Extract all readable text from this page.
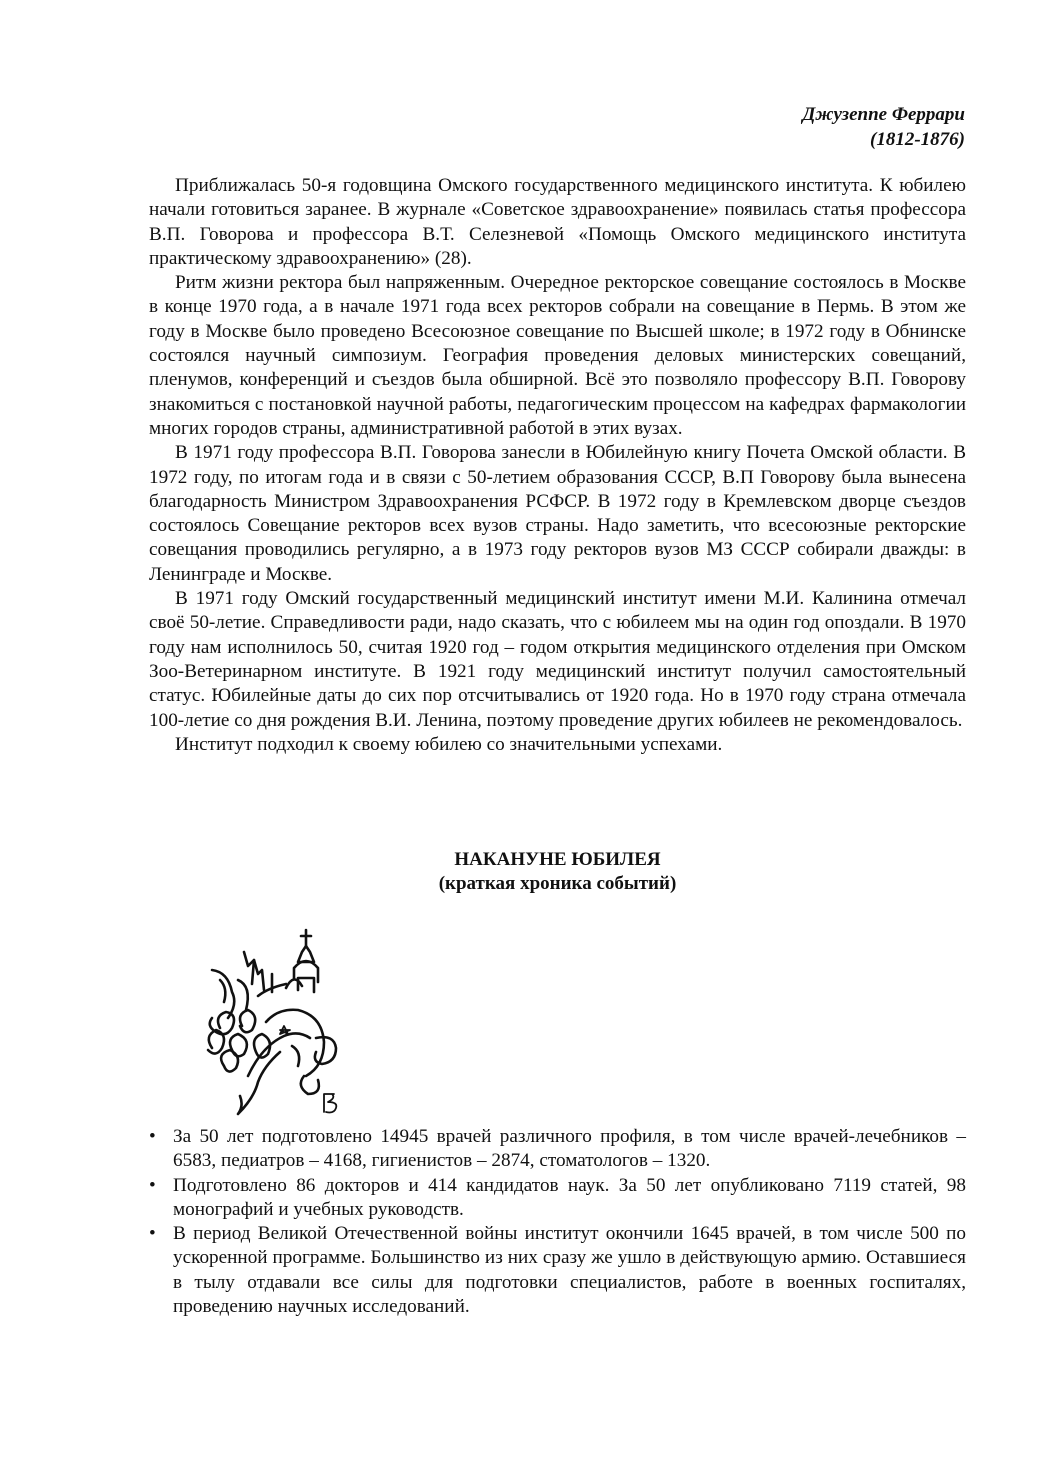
Джузеппе Феррари
(1812-1876)

Приближалась 50-я годовщина Омского государственного медицинского института. К юбилею начали готовиться заранее. В журнале «Советское здравоохранение» появилась статья профессора В.П. Говорова и профессора В.Т. Селезневой «Помощь Омского медицинского института практическому здравоохранению» (28).

Ритм жизни ректора был напряженным. Очередное ректорское совещание состоялось в Москве в конце 1970 года, а в начале 1971 года всех ректоров собрали на совещание в Пермь. В этом же году в Москве было проведено Всесоюзное совещание по Высшей школе; в 1972 году в Обнинске состоялся научный симпозиум. География проведения деловых министерских совещаний, пленумов, конференций и съездов была обширной. Всё это позволяло профессору В.П. Говорову знакомиться с постановкой научной работы, педагогическим процессом на кафедрах фармакологии многих городов страны, административной работой в этих вузах.

В 1971 году профессора В.П. Говорова занесли в Юбилейную книгу Почета Омской области. В 1972 году, по итогам года и в связи с 50-летием образования СССР, В.П Говорову была вынесена благодарность Министром Здравоохранения РСФСР. В 1972 году в Кремлевском дворце съездов состоялось Совещание ректоров всех вузов страны. Надо заметить, что всесоюзные ректорские совещания проводились регулярно, а в 1973 году ректоров вузов МЗ СССР собирали дважды: в Ленинграде и Москве.

В 1971 году Омский государственный медицинский институт имени М.И. Калинина отмечал своё 50-летие. Справедливости ради, надо сказать, что с юбилеем мы на один год опоздали. В 1970 году нам исполнилось 50, считая 1920 год – годом открытия медицинского отделения при Омском Зоо-Ветеринарном институте. В 1921 году медицинский институт получил самостоятельный статус. Юбилейные даты до сих пор отсчитывались от 1920 года. Но в 1970 году страна отмечала 100-летие со дня рождения В.И. Ленина, поэтому проведение других юбилеев не рекомендовалось.

Институт подходил к своему юбилею со значительными успехами.

НАКАНУНЕ ЮБИЛЕЯ
(краткая хроника событий)
• За 50 лет подготовлено 14945 врачей различного профиля, в том числе врачей-лечебников – 6583, педиатров – 4168, гигиенистов – 2874, стоматологов – 1320.
• Подготовлено 86 докторов и 414 кандидатов наук. За 50 лет опубликовано 7119 статей, 98 монографий и учебных руководств.
• В период Великой Отечественной войны институт окончили 1645 врачей, в том числе 500 по ускоренной программе. Большинство из них сразу же ушло в действующую армию. Оставшиеся в тылу отдавали все силы для подготовки специалистов, работе в военных госпиталях, проведению научных исследований.
